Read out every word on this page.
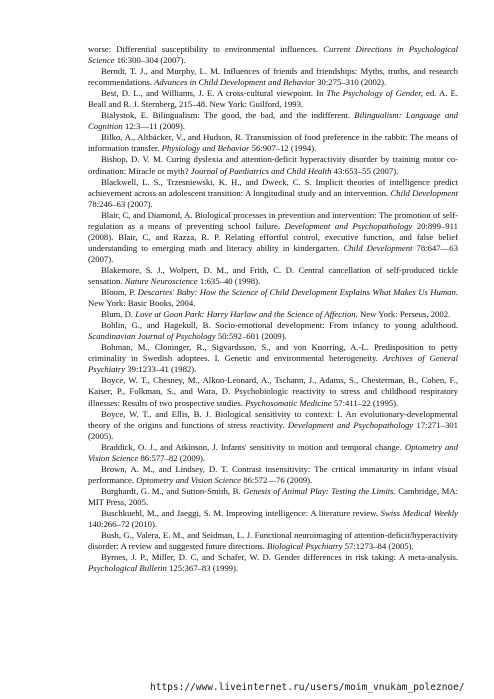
worse: Differential susceptibility to environmental influences. Current Directions in Psychological Science 16:300–304 (2007).

Berndt, T. J., and Murphy, L. M. Influences of friends and friendships: Myths, truths, and research recommendations. Advances in Child Development and Behavior 30:275–310 (2002).

Best, D. L., and Williams, J. E. A cross-cultural viewpoint. In The Psychology of Gender, ed. A. E. Beall and R. J. Sternberg, 215–48. New York: Guilford, 1993.

Bialystok, E. Bilingualism: The good, the bad, and the indifferent. Bilingualism: Language and Cognition 12:3—11 (2009).

Bilko, A., Altbäcker, V., and Hudson, R. Transmission of food preference in the rabbit: The means of information transfer. Physiology and Behavior 56:907–12 (1994).

Bishop, D. V. M. Curing dyslexia and attention-deficit hyperactivity disorder by training motor co-ordination: Miracle or myth? Journal of Paediatrics and Child Health 43:653–55 (2007).

Blackwell, L. S., Trzesniewski, K. H., and Dweck, C. S. Implicit theories of intelligence predict achievement across an adolescent transition: A longitudinal study and an intervention. Child Development 78:246–63 (2007).

Blair, C, and Diamond, A. Biological processes in prevention and intervention: The promotion of self-regulation as a means of preventing school failure. Development and Psychopathology 20:899–911 (2008). Blair, C, and Razza, R. P. Relating effortful control, executive function, and false belief understanding to emerging math and literacy ability in kindergarten. Child Development 78:647—63 (2007).

Blakemore, S. J., Wolpert, D. M., and Frith, C. D. Central cancellation of self-produced tickle sensation. Nature Neuroscience 1:635–40 (1998).

Bloom, P. Descartes' Baby: How the Science of Child Development Explains What Makes Us Human. New York: Basic Books, 2004.

Blum, D. Love at Goon Park: Harry Harlow and the Science of Affection. New York: Perseus, 2002.

Bohlin, G., and Hagekull, B. Socio-emotional development: From infancy to young adulthood. Scandinavian Journal of Psychology 50:592–601 (2009).

Bohman, M., Cloninger, R., Sigvardsson, S., and von Knorring, A.-L. Predisposition to petty criminality in Swedish adoptees. I. Genetic and environmental heterogeneity. Archives of General Psychiatry 39:1233–41 (1982).

Boyce, W. T., Chesney, M., Alkon-Leonard, A., Tschann, J., Adams, S., Chesterman, B., Cohen, F., Kaiser, P., Folkman, S., and Wara, D. Psychobiologic reactivity to stress and childhood respiratory illnesses: Results of two prospective studies. Psychosomatic Medicine 57:411–22 (1995).

Boyce, W. T., and Ellis, B. J. Biological sensitivity to context: I. An evolutionary-developmental theory of the origins and functions of stress reactivity. Development and Psychopathology 17:271–301 (2005).

Braddick, O. J., and Atkinson, J. Infants' sensitivity to motion and temporal change. Optometry and Vision Science 86:577–82 (2009).

Brown, A. M., and Lindsey, D. T. Contrast insensitivity: The critical immaturity in infant visual performance. Optometry and Vision Science 86:572—76 (2009).

Burghardt, G. M., and Sutton-Smith, B. Genesis of Animal Play: Testing the Limits. Cambridge, MA: MIT Press, 2005.

Buschkuehl, M., and Jaeggi, S. M. Improving intelligence: A literature review. Swiss Medical Weekly 140:266–72 (2010).

Bush, G., Valera, E. M., and Seidman, L. J. Functional neuroimaging of attention-deficit/hyperactivity disorder: A review and suggested future directions. Biological Psychiatry 57:1273–84 (2005).

Byrnes, J. P., Miller, D. C, and Schafer, W. D. Gender differences in risk taking: A meta-analysis. Psychological Bulletin 125:367–83 (1999).

https://www.liveinternet.ru/users/moim_vnukam_poleznoe/
